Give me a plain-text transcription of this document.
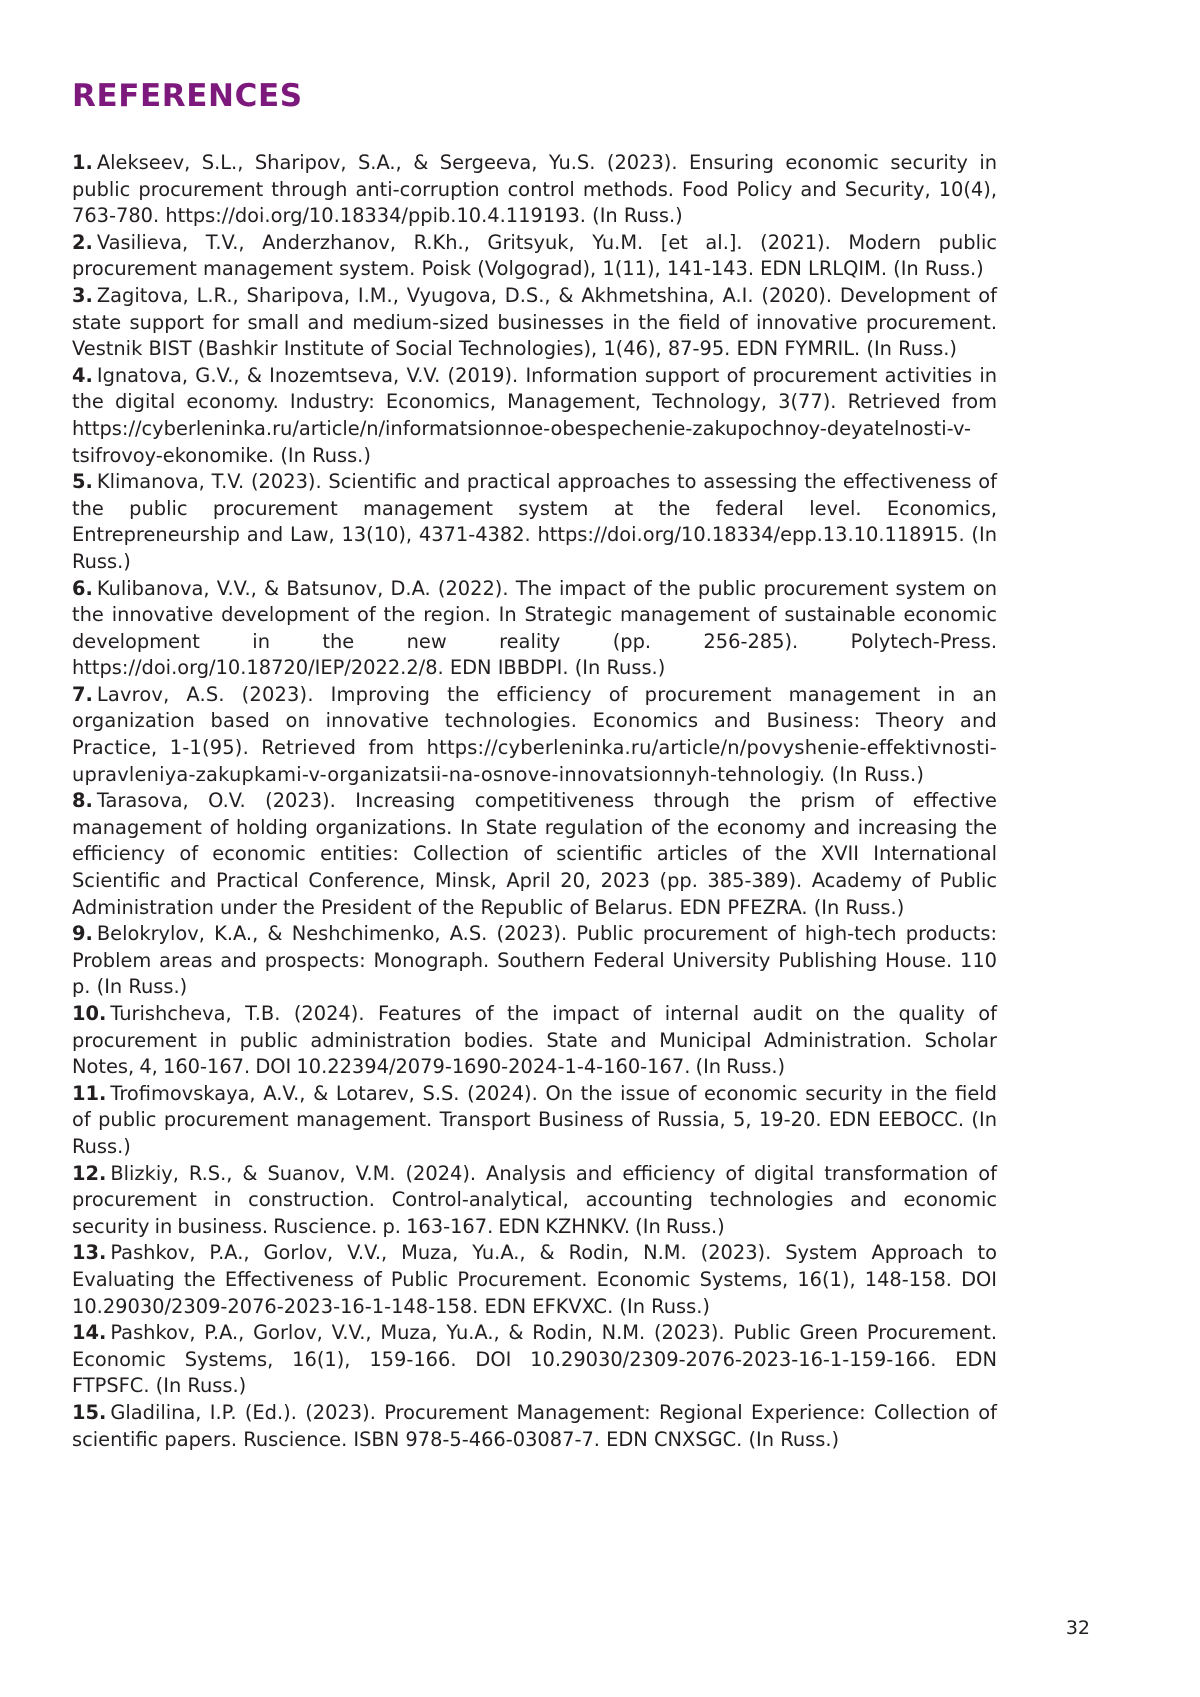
REFERENCES

1. Alekseev, S.L., Sharipov, S.A., & Sergeeva, Yu.S. (2023). Ensuring economic security in public procurement through anti-corruption control methods. Food Policy and Security, 10(4), 763-780. https://doi.org/10.18334/ppib.10.4.119193. (In Russ.)

2. Vasilieva, T.V., Anderzhanov, R.Kh., Gritsyuk, Yu.M. [et al.]. (2021). Modern public procurement management system. Poisk (Volgograd), 1(11), 141-143. EDN LRLQIM. (In Russ.)

3. Zagitova, L.R., Sharipova, I.M., Vyugova, D.S., & Akhmetshina, A.I. (2020). Development of state support for small and medium-sized businesses in the field of innovative procurement. Vestnik BIST (Bashkir Institute of Social Technologies), 1(46), 87-95. EDN FYMRIL. (In Russ.)

4. Ignatova, G.V., & Inozemtseva, V.V. (2019). Information support of procurement activities in the digital economy. Industry: Economics, Management, Technology, 3(77). Retrieved from https://cyberleninka.ru/article/n/informatsionnoe-obespechenie-zakupochnoy-deyatelnosti-v-tsifrovoy-ekonomike. (In Russ.)

5. Klimanova, T.V. (2023). Scientific and practical approaches to assessing the effectiveness of the public procurement management system at the federal level. Economics, Entrepreneurship and Law, 13(10), 4371-4382. https://doi.org/10.18334/epp.13.10.118915. (In Russ.)

6. Kulibanova, V.V., & Batsunov, D.A. (2022). The impact of the public procurement system on the innovative development of the region. In Strategic management of sustainable economic development in the new reality (pp. 256-285). Polytech-Press. https://doi.org/10.18720/IEP/2022.2/8. EDN IBBDPI. (In Russ.)

7. Lavrov, A.S. (2023). Improving the efficiency of procurement management in an organization based on innovative technologies. Economics and Business: Theory and Practice, 1-1(95). Retrieved from https://cyberleninka.ru/article/n/povyshenie-effektivnosti-upravleniya-zakupkami-v-organizatsii-na-osnove-innovatsionnyh-tehnologiy. (In Russ.)

8. Tarasova, O.V. (2023). Increasing competitiveness through the prism of effective management of holding organizations. In State regulation of the economy and increasing the efficiency of economic entities: Collection of scientific articles of the XVII International Scientific and Practical Conference, Minsk, April 20, 2023 (pp. 385-389). Academy of Public Administration under the President of the Republic of Belarus. EDN PFEZRA. (In Russ.)

9. Belokrylov, K.A., & Neshchimenko, A.S. (2023). Public procurement of high-tech products: Problem areas and prospects: Monograph. Southern Federal University Publishing House. 110 p. (In Russ.)

10. Turishcheva, T.B. (2024). Features of the impact of internal audit on the quality of procurement in public administration bodies. State and Municipal Administration. Scholar Notes, 4, 160-167. DOI 10.22394/2079-1690-2024-1-4-160-167. (In Russ.)

11. Trofimovskaya, A.V., & Lotarev, S.S. (2024). On the issue of economic security in the field of public procurement management. Transport Business of Russia, 5, 19-20. EDN EEBOCC. (In Russ.)

12. Blizkiy, R.S., & Suanov, V.M. (2024). Analysis and efficiency of digital transformation of procurement in construction. Control-analytical, accounting technologies and economic security in business. Ruscience. p. 163-167. EDN KZHNKV. (In Russ.)

13. Pashkov, P.A., Gorlov, V.V., Muza, Yu.A., & Rodin, N.M. (2023). System Approach to Evaluating the Effectiveness of Public Procurement. Economic Systems, 16(1), 148-158. DOI 10.29030/2309-2076-2023-16-1-148-158. EDN EFKVXC. (In Russ.)

14. Pashkov, P.A., Gorlov, V.V., Muza, Yu.A., & Rodin, N.M. (2023). Public Green Procurement. Economic Systems, 16(1), 159-166. DOI 10.29030/2309-2076-2023-16-1-159-166. EDN FTPSFC. (In Russ.)

15. Gladilina, I.P. (Ed.). (2023). Procurement Management: Regional Experience: Collection of scientific papers. Ruscience. ISBN 978-5-466-03087-7. EDN CNXSGC. (In Russ.)

32
